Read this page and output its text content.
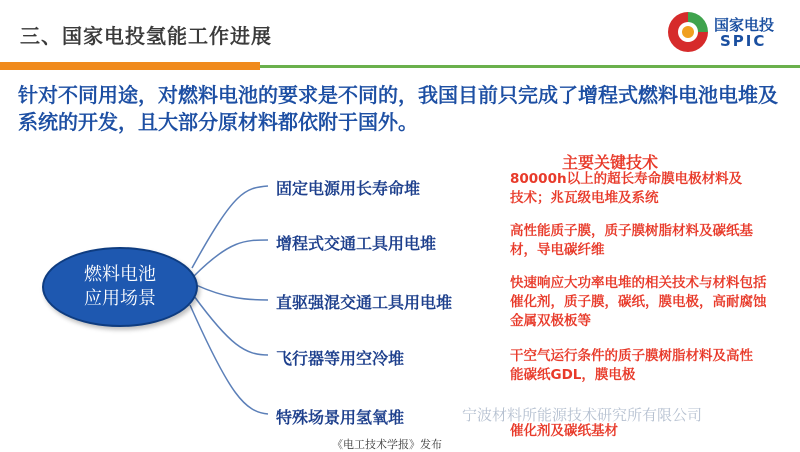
三、国家电投氢能工作进展	国家电投
SPIC
针对不同用途，对燃料电池的要求是不同的，我国目前只完成了增程式燃料电池电堆及系统的开发，且大部分原材料都依附于国外。
燃料电池
应用场景
主要关键技术
固定电源用长寿命堆
增程式交通工具用电堆
直驱强混交通工具用电堆
飞行器等用空冷堆
特殊场景用氢氧堆
80000h以上的超长寿命膜电极材料及技术；兆瓦级电堆及系统
高性能质子膜，质子膜树脂材料及碳纸基材，导电碳纤维
快速响应大功率电堆的相关技术与材料包括催化剂，质子膜，碳纸，膜电极，高耐腐蚀金属双极板等
干空气运行条件的质子膜树脂材料及高性能碳纸GDL，膜电极
催化剂及碳纸基材
宁波材料所能源技术研究所有限公司
《电工技术学报》发布
